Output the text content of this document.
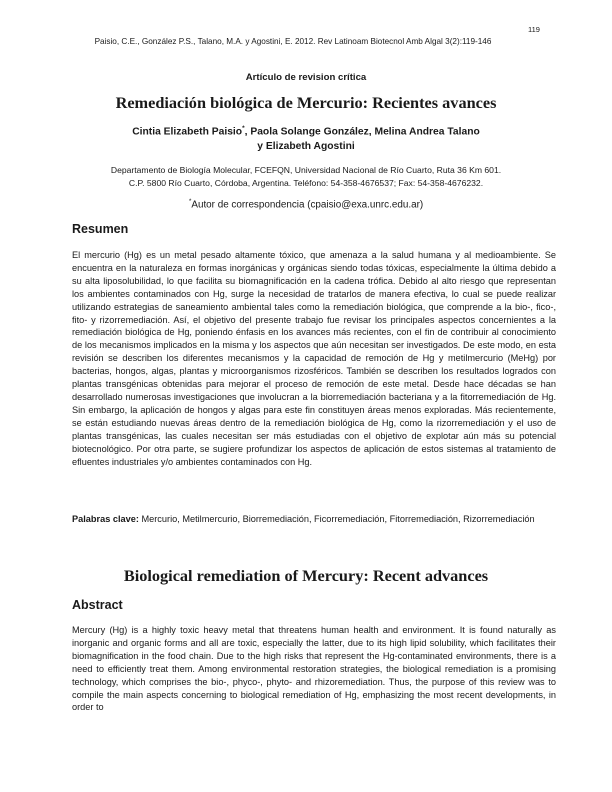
119
Paisio, C.E., González P.S., Talano, M.A. y Agostini, E. 2012. Rev Latinoam Biotecnol Amb Algal 3(2):119-146
Artículo de revision crítica
Remediación biológica de Mercurio: Recientes avances
Cintia Elizabeth Paisio*, Paola Solange González, Melina Andrea Talano
y Elizabeth Agostini
Departamento de Biología Molecular, FCEFQN, Universidad Nacional de Río Cuarto, Ruta 36 Km 601.
C.P. 5800 Río Cuarto, Córdoba, Argentina. Teléfono: 54-358-4676537; Fax: 54-358-4676232.
*Autor de correspondencia (cpaisio@exa.unrc.edu.ar)
Resumen
El mercurio (Hg) es un metal pesado altamente tóxico, que amenaza a la salud humana y al medioambiente. Se encuentra en la naturaleza en formas inorgánicas y orgánicas siendo todas tóxicas, especialmente la última debido a su alta liposolubilidad, lo que facilita su biomagnificación en la cadena trófica. Debido al alto riesgo que representan los ambientes contaminados con Hg, surge la necesidad de tratarlos de manera efectiva, lo cual se puede realizar utilizando estrategias de saneamiento ambiental tales como la remediación biológica, que comprende a la bio-, fico-, fito- y rizorremediación. Así, el objetivo del presente trabajo fue revisar los principales aspectos concernientes a la remediación biológica de Hg, poniendo énfasis en los avances más recientes, con el fin de contribuir al conocimiento de los mecanismos implicados en la misma y los aspectos que aún necesitan ser investigados. De este modo, en esta revisión se describen los diferentes mecanismos y la capacidad de remoción de Hg y metilmercurio (MeHg) por bacterias, hongos, algas, plantas y microorganismos rizosféricos. También se describen los resultados logrados con plantas transgénicas obtenidas para mejorar el proceso de remoción de este metal. Desde hace décadas se han desarrollado numerosas investigaciones que involucran a la biorremediación bacteriana y a la fitorremediación de Hg. Sin embargo, la aplicación de hongos y algas para este fin constituyen áreas menos exploradas. Más recientemente, se están estudiando nuevas áreas dentro de la remediación biológica de Hg, como la rizorremediación y el uso de plantas transgénicas, las cuales necesitan ser más estudiadas con el objetivo de explotar aún más su potencial biotecnológico. Por otra parte, se sugiere profundizar los aspectos de aplicación de estos sistemas al tratamiento de efluentes industriales y/o ambientes contaminados con Hg.
Palabras clave: Mercurio, Metilmercurio, Biorremediación, Ficorremediación, Fitorremediación, Rizorremediación
Biological remediation of Mercury: Recent advances
Abstract
Mercury (Hg) is a highly toxic heavy metal that threatens human health and environment. It is found naturally as inorganic and organic forms and all are toxic, especially the latter, due to its high lipid solubility, which facilitates their biomagnification in the food chain. Due to the high risks that represent the Hg-contaminated environments, there is a need to efficiently treat them. Among environmental restoration strategies, the biological remediation is a promising technology, which comprises the bio-, phyco-, phyto- and rhizoremediation. Thus, the purpose of this review was to compile the main aspects concerning to biological remediation of Hg, emphasizing the most recent developments, in order to
